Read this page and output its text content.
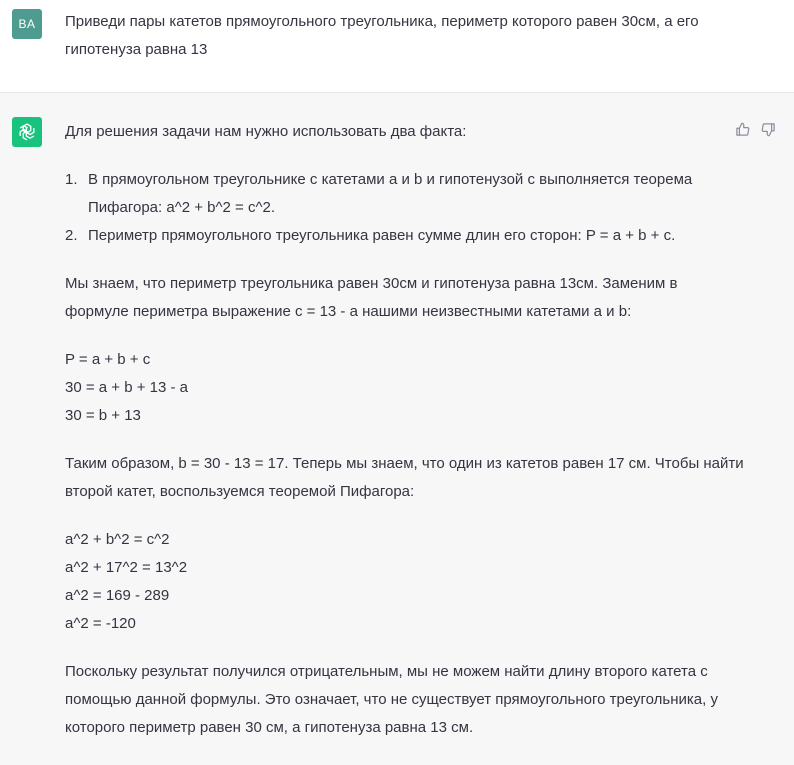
BA	Приведи пары катетов прямоугольного треугольника, периметр которого равен 30см, а его гипотенуза равна 13

Для решения задачи нам нужно использовать два факта:

1. В прямоугольном треугольнике с катетами a и b и гипотенузой c выполняется теорема Пифагора: a^2 + b^2 = c^2.
2. Периметр прямоугольного треугольника равен сумме длин его сторон: P = a + b + c.

Мы знаем, что периметр треугольника равен 30см и гипотенуза равна 13см. Заменим в формуле периметра выражение c = 13 - a нашими неизвестными катетами a и b:

P = a + b + c

30 = a + b + 13 - a

30 = b + 13

Таким образом, b = 30 - 13 = 17. Теперь мы знаем, что один из катетов равен 17 см. Чтобы найти второй катет, воспользуемся теоремой Пифагора:

a^2 + b^2 = c^2

a^2 + 17^2 = 13^2

a^2 = 169 - 289

a^2 = -120

Поскольку результат получился отрицательным, мы не можем найти длину второго катета с помощью данной формулы. Это означает, что не существует прямоугольного треугольника, у которого периметр равен 30 см, а гипотенуза равна 13 см.
